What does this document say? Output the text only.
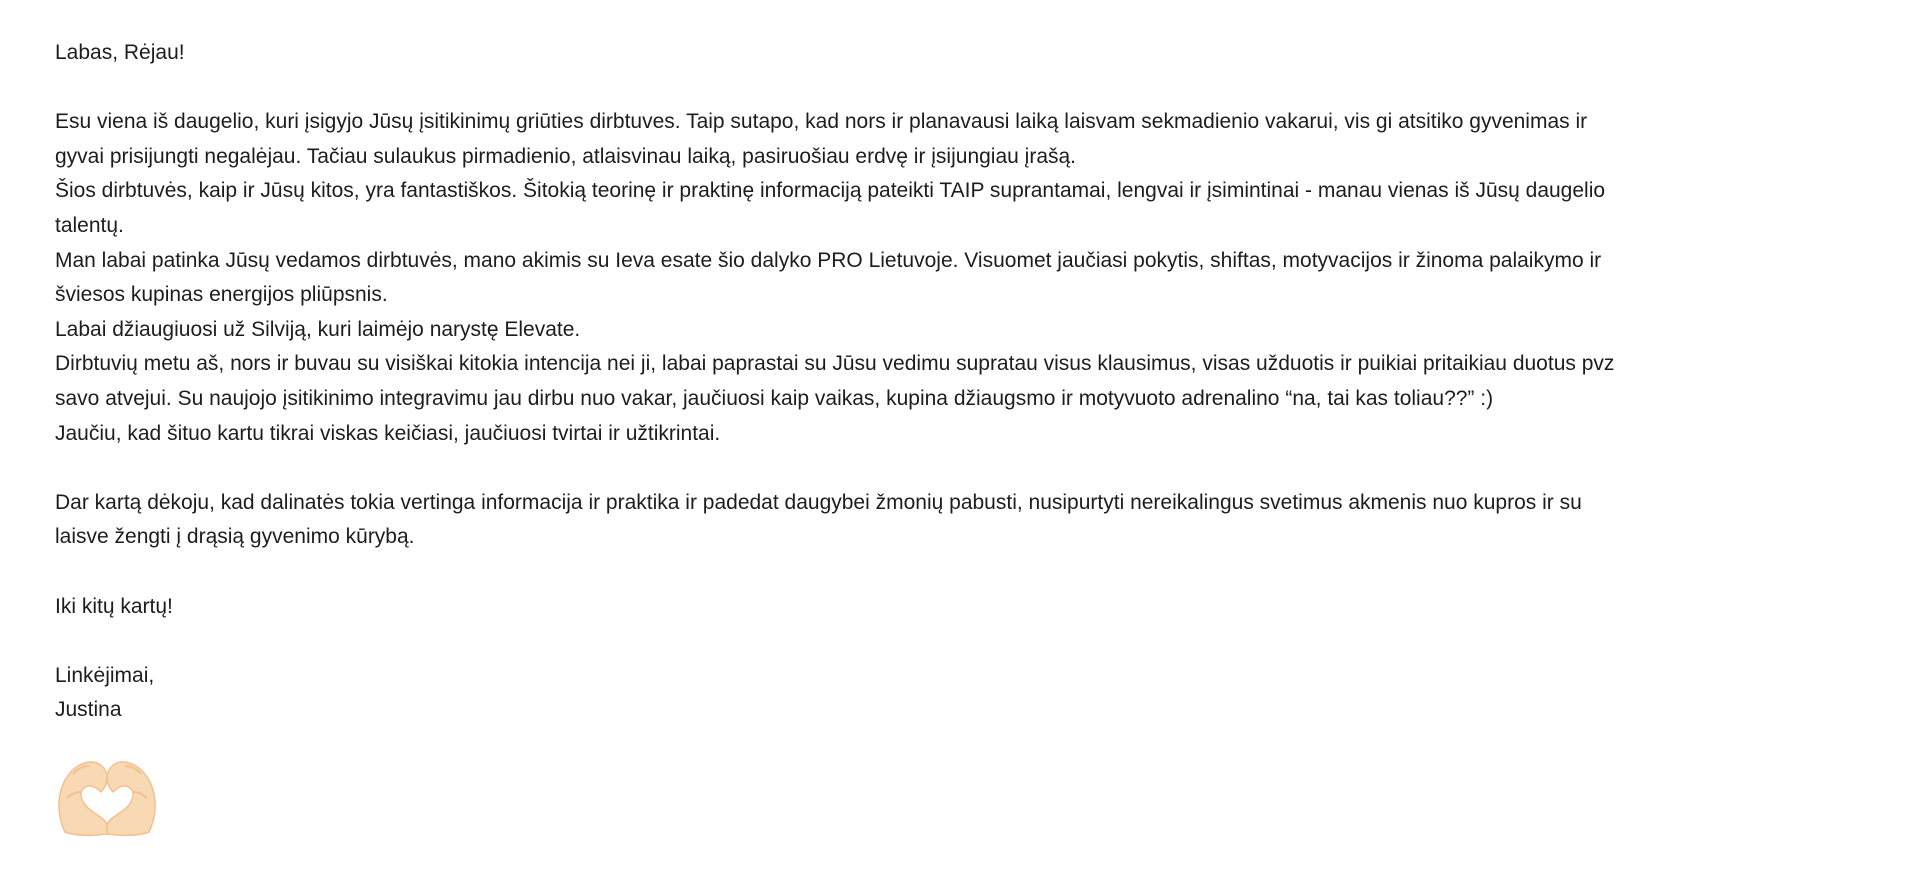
Labas, Rėjau!
Esu viena iš daugelio, kuri įsigyjo Jūsų įsitikinimų griūties dirbtuves. Taip sutapo, kad nors ir planavausi laiką laisvam sekmadienio vakarui, vis gi atsitiko gyvenimas ir
gyvai prisijungti negalėjau. Tačiau sulaukus pirmadienio, atlaisvinau laiką, pasiruošiau erdvę ir įsijungiau įrašą.
Šios dirbtuvės, kaip ir Jūsų kitos, yra fantastiškos. Šitokią teorinę ir praktinę informaciją pateikti TAIP suprantamai, lengvai ir įsimintinai - manau vienas iš Jūsų daugelio
talentų.
Man labai patinka Jūsų vedamos dirbtuvės, mano akimis su Ieva esate šio dalyko PRO Lietuvoje. Visuomet jaučiasi pokytis, shiftas, motyvacijos ir žinoma palaikymo ir
šviesos kupinas energijos pliūpsnis.
Labai džiaugiuosi už Silviją, kuri laimėjo narystę Elevate.
Dirbtuvių metu aš, nors ir buvau su visiškai kitokia intencija nei ji, labai paprastai su Jūsu vedimu supratau visus klausimus, visas užduotis ir puikiai pritaikiau duotus pvz
savo atvejui. Su naujojo įsitikinimo integravimu jau dirbu nuo vakar, jaučiuosi kaip vaikas, kupina džiaugsmo ir motyvuoto adrenalino “na, tai kas toliau??” :)
Jaučiu, kad šituo kartu tikrai viskas keičiasi, jaučiuosi tvirtai ir užtikrintai.
Dar kartą dėkoju, kad dalinatės tokia vertinga informacija ir praktika ir padedat daugybei žmonių pabusti, nusipurtyti nereikalingus svetimus akmenis nuo kupros ir su
laisve žengti į drąsią gyvenimo kūrybą.
Iki kitų kartų!
Linkėjimai,
Justina
